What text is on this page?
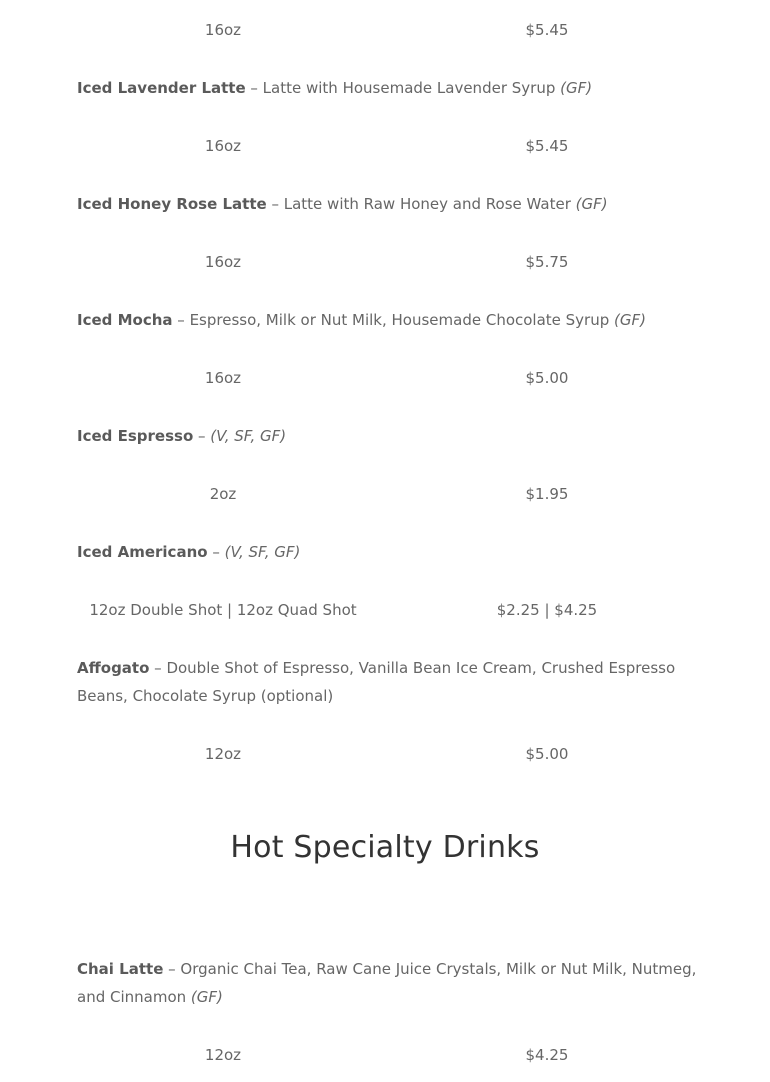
16oz	$5.45
Iced Lavender Latte – Latte with Housemade Lavender Syrup (GF)
16oz	$5.45
Iced Honey Rose Latte – Latte with Raw Honey and Rose Water (GF)
16oz	$5.75
Iced Mocha – Espresso, Milk or Nut Milk, Housemade Chocolate Syrup (GF)
16oz	$5.00
Iced Espresso – (V, SF, GF)
2oz	$1.95
Iced Americano – (V, SF, GF)
12oz Double Shot | 12oz Quad Shot	$2.25 | $4.25
Affogato – Double Shot of Espresso, Vanilla Bean Ice Cream, Crushed Espresso Beans, Chocolate Syrup (optional)
12oz	$5.00
Hot Specialty Drinks
Chai Latte – Organic Chai Tea, Raw Cane Juice Crystals, Milk or Nut Milk, Nutmeg, and Cinnamon (GF)
12oz	$4.25
